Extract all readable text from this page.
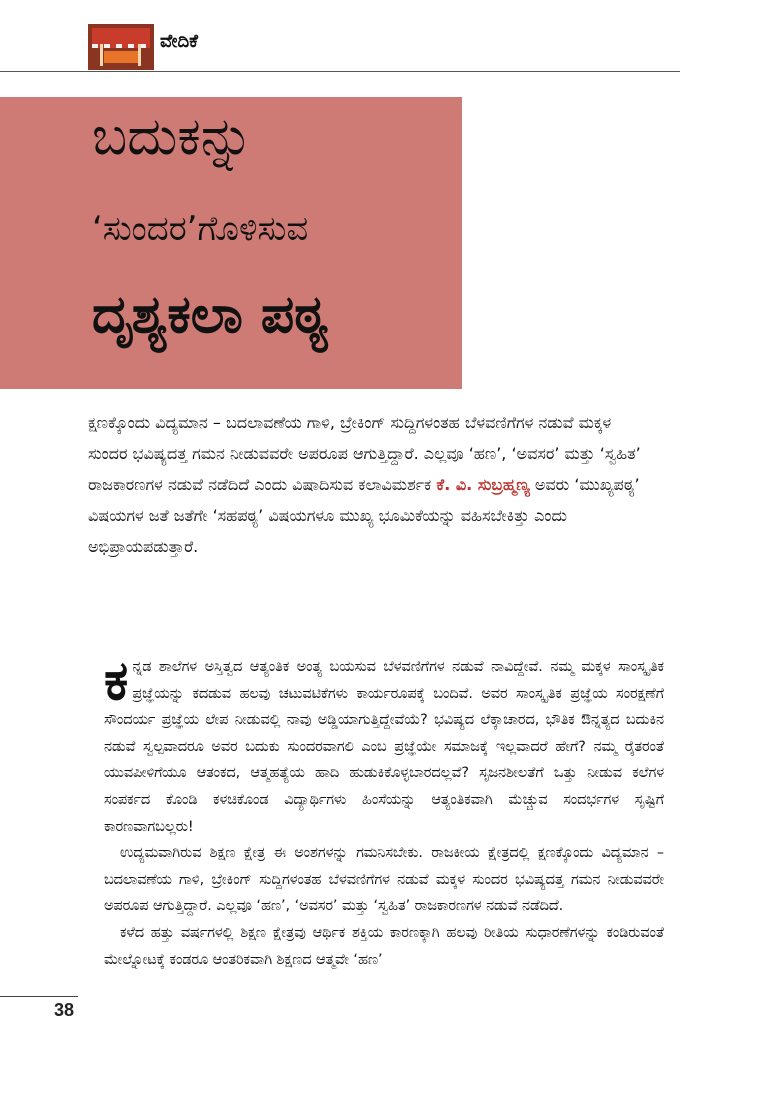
ವೇದಿಕೆ
ಬದುಕನ್ನು
‘ಸುಂದರ’ಗೊಳಿಸುವ
ದೃಶ್ಯಕಲಾ ಪಠ್ಯ
ಕ್ಷಣಕ್ಕೊಂದು ವಿದ್ಯಮಾನ – ಬದಲಾವಣೆಯ ಗಾಳಿ, ಬ್ರೇಕಿಂಗ್ ಸುದ್ದಿಗಳಂತಹ ಬೆಳವಣಿಗೆಗಳ ನಡುವೆ ಮಕ್ಕಳ ಸುಂದರ ಭವಿಷ್ಯದತ್ತ ಗಮನ ನೀಡುವವರೇ ಅಪರೂಪ ಆಗುತ್ತಿದ್ದಾರೆ. ಎಲ್ಲವೂ ‘ಹಣ’, ‘ಅವಸರ’ ಮತ್ತು ‘ಸ್ವಹಿತ’ ರಾಜಕಾರಣಗಳ ನಡುವೆ ನಡೆದಿದೆ ಎಂದು ವಿಷಾದಿಸುವ ಕಲಾವಿಮರ್ಶಕ ಕೆ. ವಿ. ಸುಬ್ರಹ್ಮಣ್ಯ ಅವರು ‘ಮುಖ್ಯಪಠ್ಯ’ ವಿಷಯಗಳ ಜತೆ ಜತೆಗೇ ‘ಸಹಪಠ್ಯ’ ವಿಷಯಗಳೂ ಮುಖ್ಯ ಭೂಮಿಕೆಯನ್ನು ವಹಿಸಬೇಕಿತ್ತು ಎಂದು ಅಭಿಪ್ರಾಯಪಡುತ್ತಾರೆ.

ಕನ್ನಡ ಶಾಲೆಗಳ ಅಸ್ತಿತ್ವದ ಆತ್ಯಂತಿಕ ಅಂತ್ಯ ಬಯಸುವ ಬೆಳವಣಿಗೆಗಳ ನಡುವೆ ನಾವಿದ್ದೇವೆ. ನಮ್ಮ ಮಕ್ಕಳ ಸಾಂಸ್ಕೃತಿಕ ಪ್ರಜ್ಞೆಯನ್ನು ಕದಡುವ ಹಲವು ಚಟುವಟಿಕೆಗಳು ಕಾರ್ಯರೂಪಕ್ಕೆ ಬಂದಿವೆ. ಅವರ ಸಾಂಸ್ಕೃತಿಕ ಪ್ರಜ್ಞೆಯ ಸಂರಕ್ಷಣೆಗೆ ಸೌಂದರ್ಯ ಪ್ರಜ್ಞೆಯ ಲೇಪ ನೀಡುವಲ್ಲಿ ನಾವು ಅಡ್ಡಿಯಾಗುತ್ತಿದ್ದೇವೆಯೆ? ಭವಿಷ್ಯದ ಲೆಕ್ಕಾಚಾರದ, ಭೌತಿಕ ಔನ್ನತ್ಯದ ಬದುಕಿನ ನಡುವೆ ಸ್ವಲ್ಪವಾದರೂ ಅವರ ಬದುಕು ಸುಂದರವಾಗಲಿ ಎಂಬ ಪ್ರಜ್ಞೆಯೇ ಸಮಾಜಕ್ಕೆ ಇಲ್ಲವಾದರೆ ಹೇಗೆ? ನಮ್ಮ ರೈತರಂತೆ ಯುವಪೀಳಿಗೆಯೂ ಆತಂಕದ, ಆತ್ಮಹತ್ಯೆಯ ಹಾದಿ ಹುಡುಕಿಕೊಳ್ಳಬಾರದಲ್ಲವೆ? ಸೃಜನಶೀಲತೆಗೆ ಒತ್ತು ನೀಡುವ ಕಲೆಗಳ ಸಂಪರ್ಕದ ಕೊಂಡಿ ಕಳಚಿಕೊಂಡ ವಿದ್ಯಾರ್ಥಿಗಳು ಹಿಂಸೆಯನ್ನು ಆತ್ಯಂತಿಕವಾಗಿ ಮೆಚ್ಚುವ ಸಂದರ್ಭಗಳ ಸೃಷ್ಟಿಗೆ ಕಾರಣವಾಗಬಲ್ಲರು!

ಉದ್ಯಮವಾಗಿರುವ ಶಿಕ್ಷಣ ಕ್ಷೇತ್ರ ಈ ಅಂಶಗಳನ್ನು ಗಮನಿಸಬೇಕು. ರಾಜಕೀಯ ಕ್ಷೇತ್ರದಲ್ಲಿ ಕ್ಷಣಕ್ಕೊಂದು ವಿದ್ಯಮಾನ – ಬದಲಾವಣೆಯ ಗಾಳಿ, ಬ್ರೇಕಿಂಗ್ ಸುದ್ದಿಗಳಂತಹ ಬೆಳವಣಿಗೆಗಳ ನಡುವೆ ಮಕ್ಕಳ ಸುಂದರ ಭವಿಷ್ಯದತ್ತ ಗಮನ ನೀಡುವವರೇ ಅಪರೂಪ ಆಗುತ್ತಿದ್ದಾರೆ. ಎಲ್ಲವೂ ‘ಹಣ’, ‘ಅವಸರ’ ಮತ್ತು ‘ಸ್ವಹಿತ’ ರಾಜಕಾರಣಗಳ ನಡುವೆ ನಡೆದಿದೆ.

ಕಳೆದ ಹತ್ತು ವರ್ಷಗಳಲ್ಲಿ ಶಿಕ್ಷಣ ಕ್ಷೇತ್ರವು ಆರ್ಥಿಕ ಶಕ್ತಿಯ ಕಾರಣಕ್ಕಾಗಿ ಹಲವು ರೀತಿಯ ಸುಧಾರಣೆಗಳನ್ನು ಕಂಡಿರುವಂತೆ ಮೇಲ್ನೋಟಕ್ಕೆ ಕಂಡರೂ ಆಂತರಿಕವಾಗಿ ಶಿಕ್ಷಣದ ಆತ್ಮವೇ ‘ಹಣ’

38
